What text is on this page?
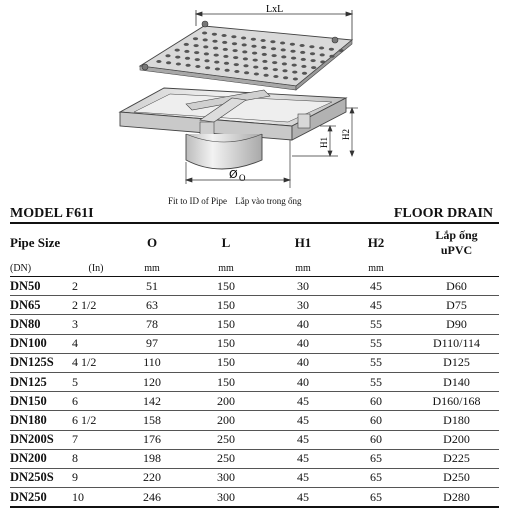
LxL
Ø O
H1
H2
Fit to ID of Pipe Lắp vào trong ống
MODEL F61I	FLOOR DRAIN
Pipe Size		O	L	H1	H2	Lắp ống
uPVC

(DN)	(In)	mm	mm	mm	mm	
DN50	2	51	150	30	45	D60
DN65	2 1/2	63	150	30	45	D75
DN80	3	78	150	40	55	D90
DN100	4	97	150	40	55	D110/114
DN125S	4 1/2	110	150	40	55	D125
DN125	5	120	150	40	55	D140
DN150	6	142	200	45	60	D160/168
DN180	6 1/2	158	200	45	60	D180
DN200S	7	176	250	45	60	D200
DN200	8	198	250	45	65	D225
DN250S	9	220	300	45	65	D250
DN250	10	246	300	45	65	D280
